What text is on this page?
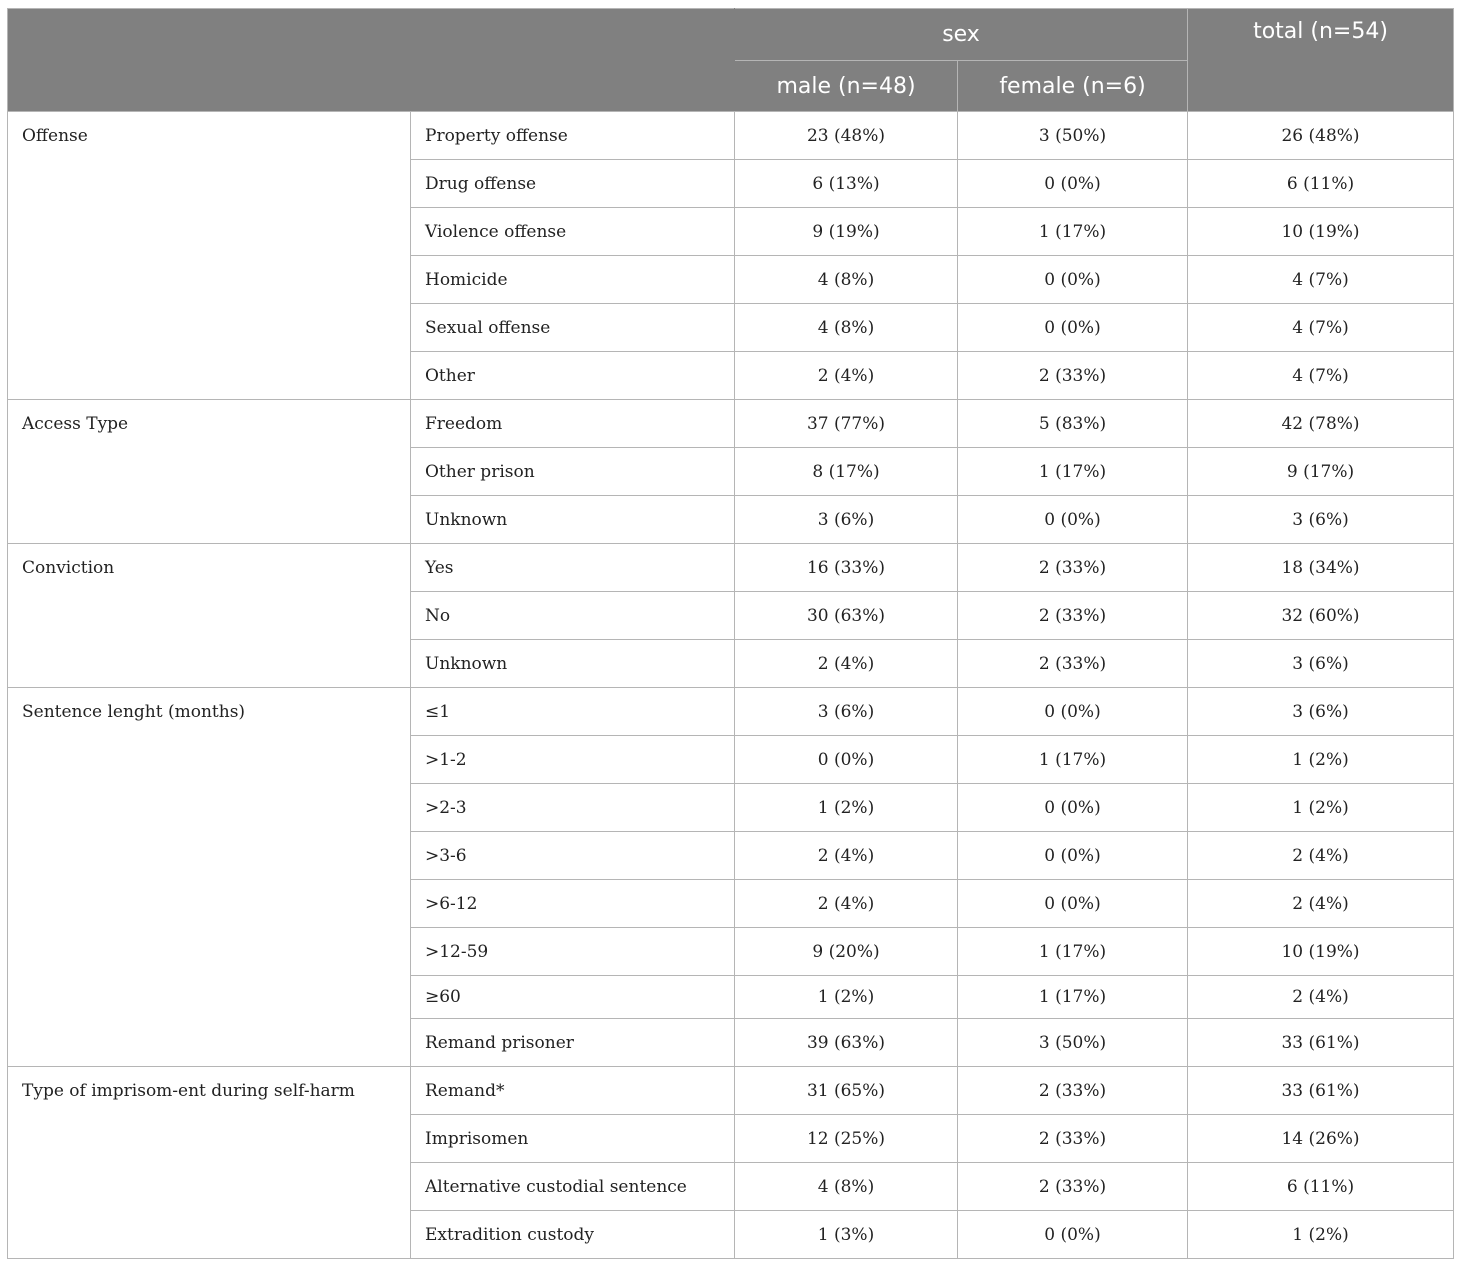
		sex		total (n=54)
		male (n=48)	female (n=6)	
Offense	Property offense	23 (48%)	3 (50%)	26 (48%)
	Drug offense	6 (13%)	0 (0%)	6 (11%)
	Violence offense	9 (19%)	1 (17%)	10 (19%)
	Homicide	4 (8%)	0 (0%)	4 (7%)
	Sexual offense	4 (8%)	0 (0%)	4 (7%)
	Other	2 (4%)	2 (33%)	4 (7%)
Access Type	Freedom	37 (77%)	5 (83%)	42 (78%)
	Other prison	8 (17%)	1 (17%)	9 (17%)
	Unknown	3 (6%)	0 (0%)	3 (6%)
Conviction	Yes	16 (33%)	2 (33%)	18 (34%)
	No	30 (63%)	2 (33%)	32 (60%)
	Unknown	2 (4%)	2 (33%)	3 (6%)
Sentence lenght (months)	≤1	3 (6%)	0 (0%)	3 (6%)
	>1-2	0 (0%)	1 (17%)	1 (2%)
	>2-3	1 (2%)	0 (0%)	1 (2%)
	>3-6	2 (4%)	0 (0%)	2 (4%)
	>6-12	2 (4%)	0 (0%)	2 (4%)
	>12-59	9 (20%)	1 (17%)	10 (19%)
	≥60	1 (2%)	1 (17%)	2 (4%)
	Remand prisoner	39 (63%)	3 (50%)	33 (61%)
Type of imprisom-ent during self-harm	Remand*	31 (65%)	2 (33%)	33 (61%)
	Imprisomen	12 (25%)	2 (33%)	14 (26%)
	Alternative custodial sentence	4 (8%)	2 (33%)	6 (11%)
	Extradition custody	1 (3%)	0 (0%)	1 (2%)
